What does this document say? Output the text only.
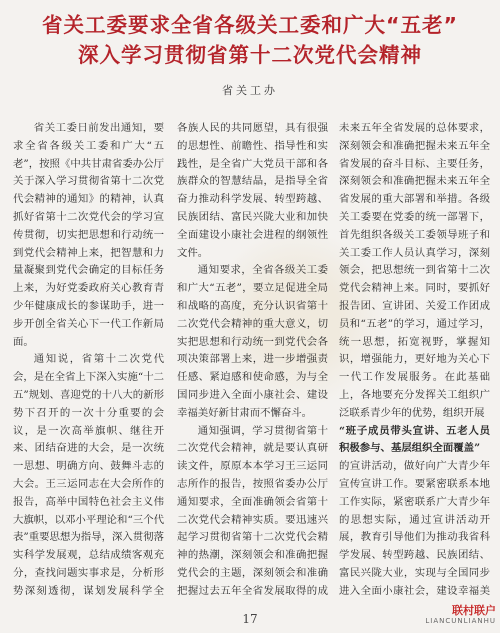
省关工委要求全省各级关工委和广大“五老”
深入学习贯彻省第十二次党代会精神
省关工办

省关工委日前发出通知，要求全省各级关工委和广大“五老”，按照《中共甘肃省委办公厅关于深入学习贯彻省第十二次党代会精神的通知》的精神，认真抓好省第十二次党代会的学习宣传贯彻，切实把思想和行动统一到党代会精神上来，把智慧和力量凝聚到党代会确定的目标任务上来，为好党委政府关心教育青少年健康成长的参谋助手，进一步开创全省关心下一代工作新局面。

通知说，省第十二次党代会，是在全省上下深入实施“十二五”规划、喜迎党的十八大的新形势下召开的一次十分重要的会议，是一次高举旗帜、继往开来、团结奋进的大会，是一次统一思想、明确方向、鼓舞斗志的大会。王三运同志在大会所作的报告，高举中国特色社会主义伟大旗帜，以邓小平理论和“三个代表”重要思想为指导，深入贯彻落实科学发展观，总结成绩客观充分，查找问题实事求是，分析形势深刻透彻，谋划发展科学全

各族人民的共同愿望，具有很强的思想性、前瞻性、指导性和实践性，是全省广大党员干部和各族群众的智慧结晶，是指导全省奋力推动科学发展、转型跨越、民族团结、富民兴陇大业和加快全面建设小康社会进程的纲领性文件。

通知要求，全省各级关工委和广大“五老”，要立足促进全局和战略的高度，充分认识省第十二次党代会精神的重大意义，切实把思想和行动统一到党代会各项决策部署上来，进一步增强责任感、紧迫感和使命感，为与全国同步进入全面小康社会、建设幸福美好新甘肃而不懈奋斗。

通知强调，学习贯彻省第十二次党代会精神，就是要认真研读文件，原原本本学习王三运同志所作的报告，按照省委办公厅通知要求，全面准确领会省第十二次党代会精神实质。要迅速兴起学习贯彻省第十二次党代会精神的热潮，深刻领会和准确把握党代会的主题，深刻领会和准确把握过去五年全省发展取得的成

未来五年全省发展的总体要求，深刻领会和准确把握未来五年全省发展的奋斗目标、主要任务，深刻领会和准确把握未来五年全省发展的重大部署和举措。各级关工委要在党委的统一部署下，首先组织各级关工委领导班子和关工委工作人员认真学习，深刻领会，把思想统一到省第十二次党代会精神上来。同时，要抓好报告团、宣讲团、关爱工作团成员和“五老”的学习，通过学习，统一思想，拓宽视野，掌握知识，增强能力，更好地为关心下一代工作发展服务。在此基础上，各地要充分发挥关工组织广泛联系青少年的优势，组织开展

“班子成员带头宣讲、五老人员积极参与、基层组织全面覆盖”

的宣讲活动，做好向广大青少年宣传宣讲工作。要紧密联系本地工作实际，紧密联系广大青少年的思想实际，通过宣讲活动开展，教育引导他们为推动我省科学发展、转型跨越、民族团结、富民兴陇大业，实现与全国同步进入全面小康社会，建设幸福美

17
联村联户
LIANCUNLIANHU
